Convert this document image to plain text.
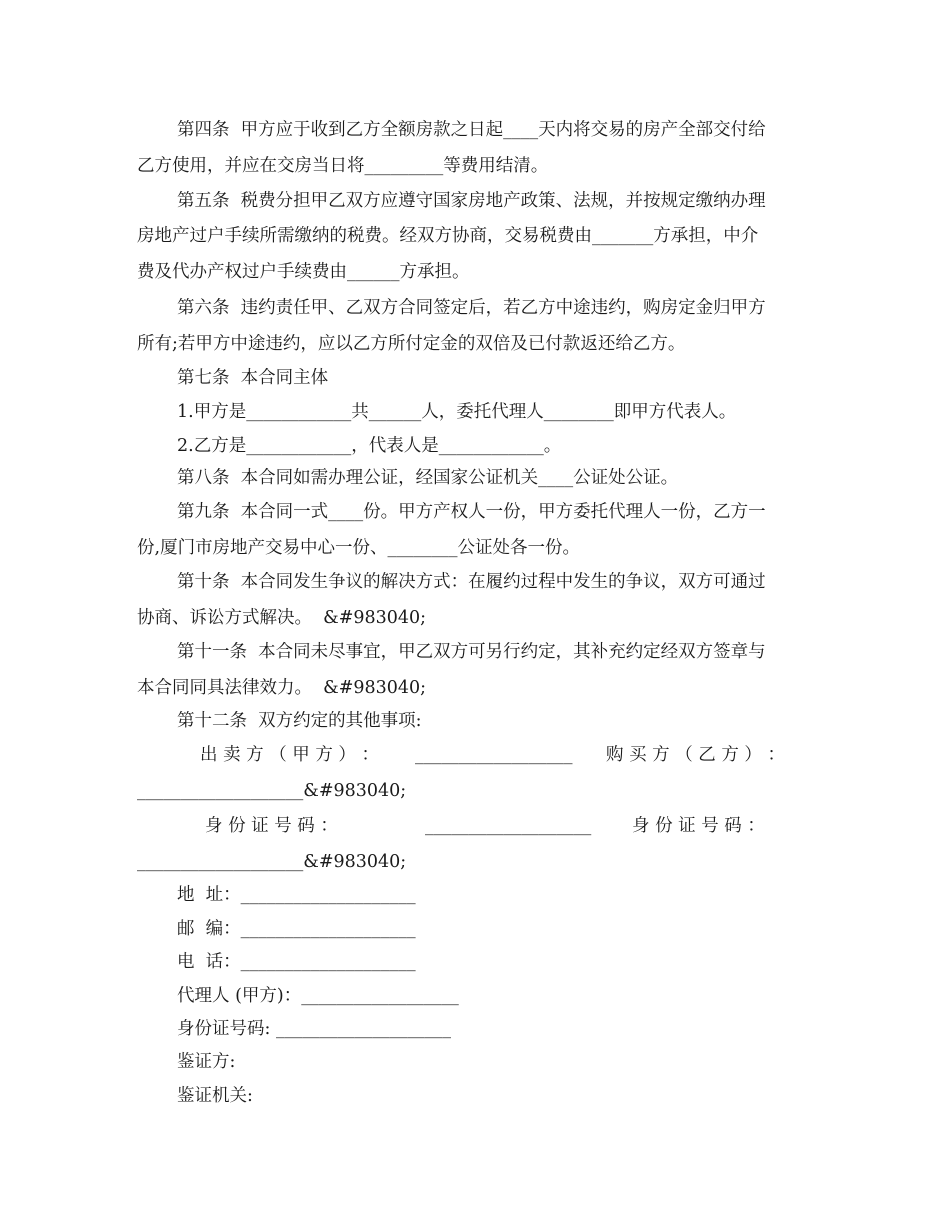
第四条  甲方应于收到乙方全额房款之日起____天内将交易的房产全部交付给
乙方使用，并应在交房当日将_________等费用结清。
第五条  税费分担甲乙双方应遵守国家房地产政策、法规，并按规定缴纳办理
房地产过户手续所需缴纳的税费。经双方协商，交易税费由_______方承担，中介
费及代办产权过户手续费由______方承担。
第六条  违约责任甲、乙双方合同签定后，若乙方中途违约，购房定金归甲方
所有;若甲方中途违约，应以乙方所付定金的双倍及已付款返还给乙方。
第七条  本合同主体
1.甲方是____________共______人，委托代理人________即甲方代表人。
2.乙方是____________，代表人是____________。
第八条  本合同如需办理公证，经国家公证机关____公证处公证。
第九条  本合同一式____份。甲方产权人一份，甲方委托代理人一份，乙方一
份,厦门市房地产交易中心一份、________公证处各一份。
第十条  本合同发生争议的解决方式：在履约过程中发生的争议，双方可通过
协商、诉讼方式解决。  &#983040;
第十一条  本合同未尽事宜，甲乙双方可另行约定，其补充约定经双方签章与
本合同同具法律效力。  &#983040;
第十二条  双方约定的其他事项:
出 卖 方 （ 甲 方 ） ： __________________ 购 买 方 （ 乙 方 ） ：
___________________&#983040;
身 份 证 号 码 ：	___________________ 身 份 证 号 码 ：
___________________&#983040;
地  址：____________________
邮  编：____________________
电  话：____________________
代理人 (甲方)：__________________
身份证号码: ____________________
鉴证方:
鉴证机关:
